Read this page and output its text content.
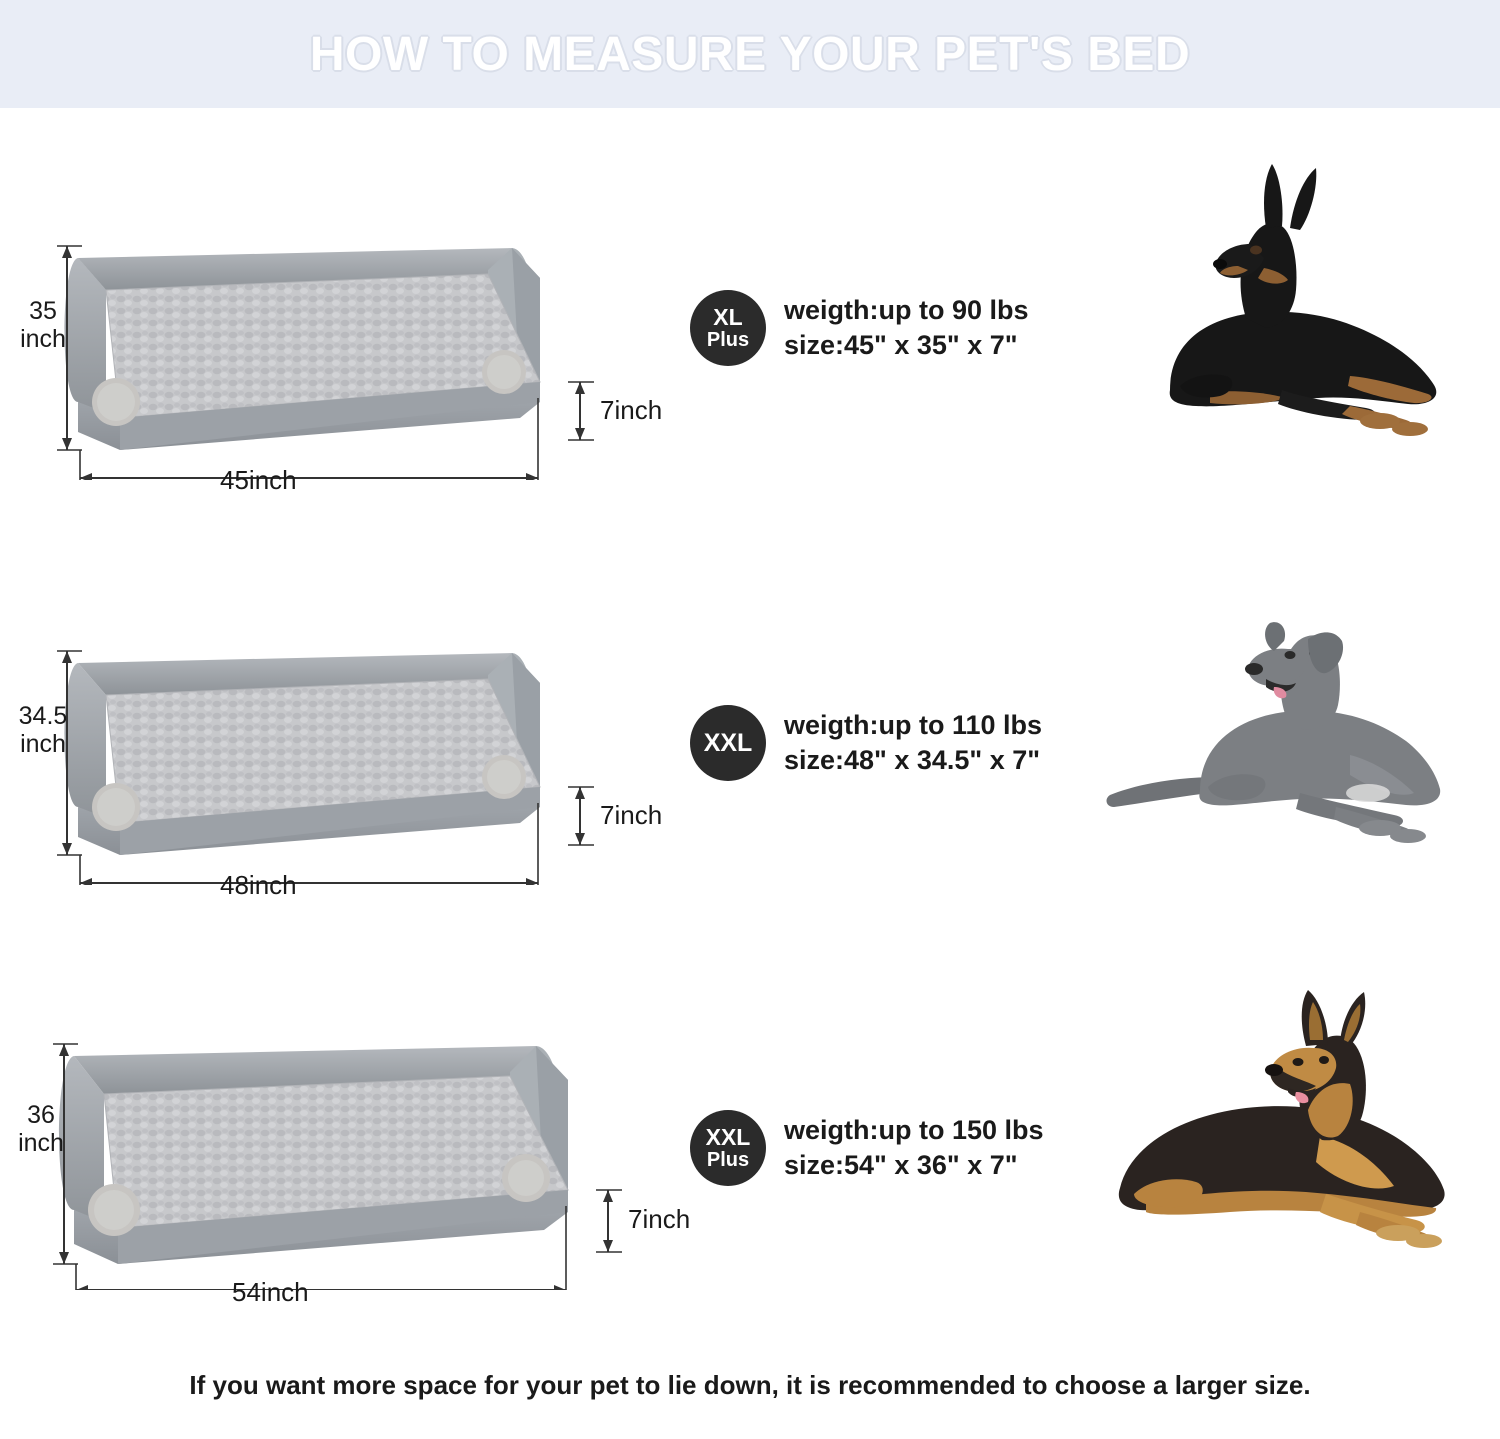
HOW TO MEASURE YOUR PET'S BED
35
inch
45inch
7inch
XL
Plus
weigth:up to 90 lbs
size:45" x 35" x 7"
34.5
inch
48inch
7inch
XXL
weigth:up to 110 lbs
size:48" x 34.5" x 7"
36
inch
54inch
7inch
XXL
Plus
weigth:up to 150 lbs
size:54" x 36" x 7"
If you want more space for your pet to lie down, it is recommended to choose a larger size.
